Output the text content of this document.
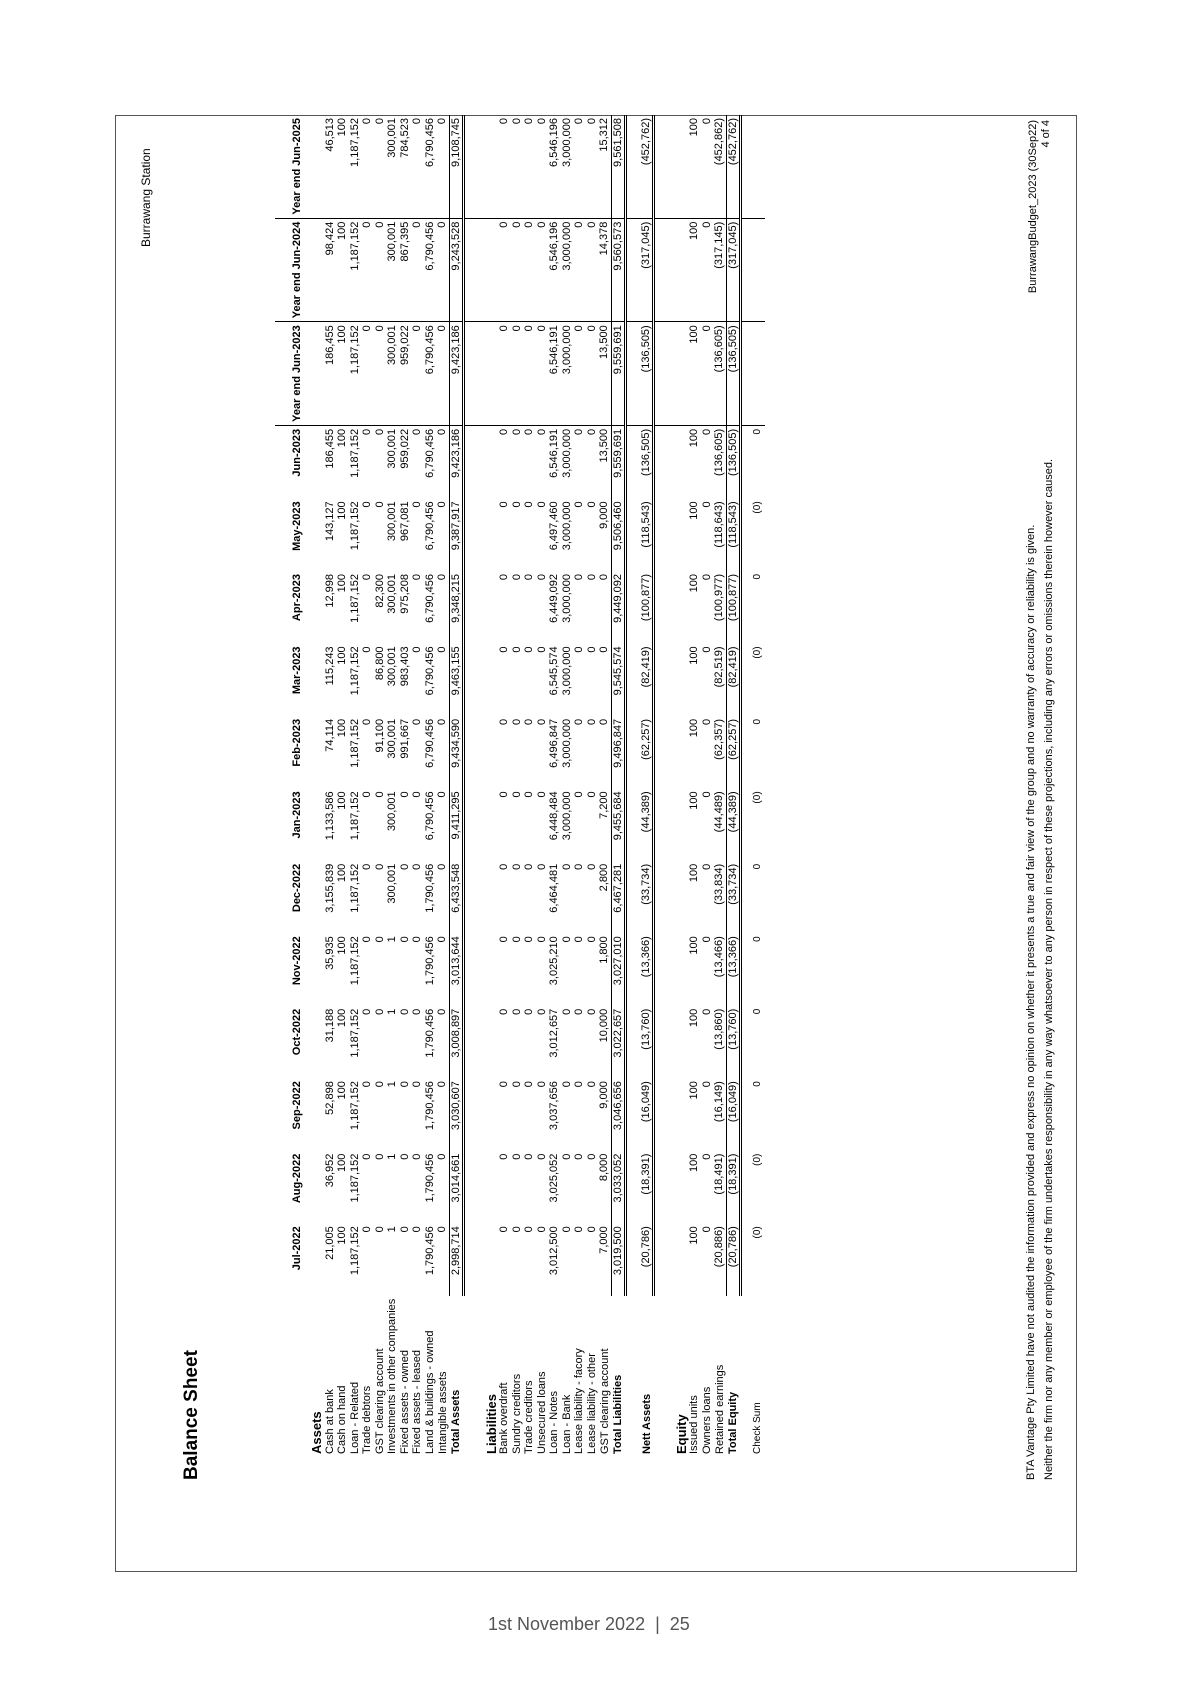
Burrawang Station
Balance Sheet
	Jul-2022	Aug-2022	Sep-2022	Oct-2022	Nov-2022	Dec-2022	Jan-2023	Feb-2023	Mar-2023	Apr-2023	May-2023	Jun-2023	Year end Jun-2023	Year end Jun-2024	Year end Jun-2025
Assets															
Cash at bank	21,005	36,952	52,898	31,188	35,935	3,155,839	1,133,586	74,114	115,243	12,998	143,127	186,455	186,455	98,424	46,513
Cash on hand	100	100	100	100	100	100	100	100	100	100	100	100	100	100	100
Loan - Related	1,187,152	1,187,152	1,187,152	1,187,152	1,187,152	1,187,152	1,187,152	1,187,152	1,187,152	1,187,152	1,187,152	1,187,152	1,187,152	1,187,152	1,187,152
Trade debtors	0	0	0	0	0	0	0	0	0	0	0	0	0	0	0
GST clearing account	0	0	0	0	0	0	0	91,100	86,800	82,300	0	0	0	0	0
Investments in other companies	1	1	1	1	1	300,001	300,001	300,001	300,001	300,001	300,001	300,001	300,001	300,001	300,001
Fixed assets - owned	0	0	0	0	0	0	0	991,667	983,403	975,208	967,081	959,022	959,022	867,395	784,523
Fixed assets - leased	0	0	0	0	0	0	0	0	0	0	0	0	0	0	0
Land & buildings - owned	1,790,456	1,790,456	1,790,456	1,790,456	1,790,456	1,790,456	6,790,456	6,790,456	6,790,456	6,790,456	6,790,456	6,790,456	6,790,456	6,790,456	6,790,456
Intangible assets	0	0	0	0	0	0	0	0	0	0	0	0	0	0	0
Total Assets	2,998,714	3,014,661	3,030,607	3,008,897	3,013,644	6,433,548	9,411,295	9,434,590	9,463,155	9,348,215	9,387,917	9,423,186	9,423,186	9,243,528	9,108,745

Liabilities															
Bank overdraft	0	0	0	0	0	0	0	0	0	0	0	0	0	0	0
Sundry creditors	0	0	0	0	0	0	0	0	0	0	0	0	0	0	0
Trade creditors	0	0	0	0	0	0	0	0	0	0	0	0	0	0	0
Unsecured loans	0	0	0	0	0	0	0	0	0	0	0	0	0	0	0
Loan - Notes	3,012,500	3,025,052	3,037,656	3,012,657	3,025,210	6,464,481	6,448,484	6,496,847	6,545,574	6,449,092	6,497,460	6,546,191	6,546,191	6,546,196	6,546,196
Loan - Bank	0	0	0	0	0	0	3,000,000	3,000,000	3,000,000	3,000,000	3,000,000	3,000,000	3,000,000	3,000,000	3,000,000
Lease liability - facory	0	0	0	0	0	0	0	0	0	0	0	0	0	0	0
Lease liability - other	0	0	0	0	0	0	0	0	0	0	0	0	0	0	0
GST clearing account	7,000	8,000	9,000	10,000	1,800	2,800	7,200	0	0	0	9,000	13,500	13,500	14,378	15,312
Total Liabilities	3,019,500	3,033,052	3,046,656	3,022,657	3,027,010	6,467,281	9,455,684	9,496,847	9,545,574	9,449,092	9,506,460	9,559,691	9,559,691	9,560,573	9,561,508

Nett Assets	(20,786)	(18,391)	(16,049)	(13,760)	(13,366)	(33,734)	(44,389)	(62,257)	(82,419)	(100,877)	(118,543)	(136,505)	(136,505)	(317,045)	(452,762)

Equity															
Issued units	100	100	100	100	100	100	100	100	100	100	100	100	100	100	100
Owners loans	0	0	0	0	0	0	0	0	0	0	0	0	0	0	0
Retained earnings	(20,886)	(18,491)	(16,149)	(13,860)	(13,466)	(33,834)	(44,489)	(62,357)	(82,519)	(100,977)	(118,643)	(136,605)	(136,605)	(317,145)	(452,862)
Total Equity	(20,786)	(18,391)	(16,049)	(13,760)	(13,366)	(33,734)	(44,389)	(62,257)	(82,419)	(100,877)	(118,543)	(136,505)	(136,505)	(317,045)	(452,762)
Check Sum	(0)	(0)	0	0	0	0	(0)	0	(0)	0	(0)	0			
BTA Vantage Pty Limited have not audited the information provided and express no opinion on whether it presents a true and fair view of the group and no warranty of accuracy or reliability is given. Neither the firm nor any member or employee of the firm undertakes responsibility in any way whatsoever to any person in respect of these projections, including any errors or omissions therein however caused.
BurrawangBudget_2023 (30Sep22) 4 of 4
1st November 2022 | 25
